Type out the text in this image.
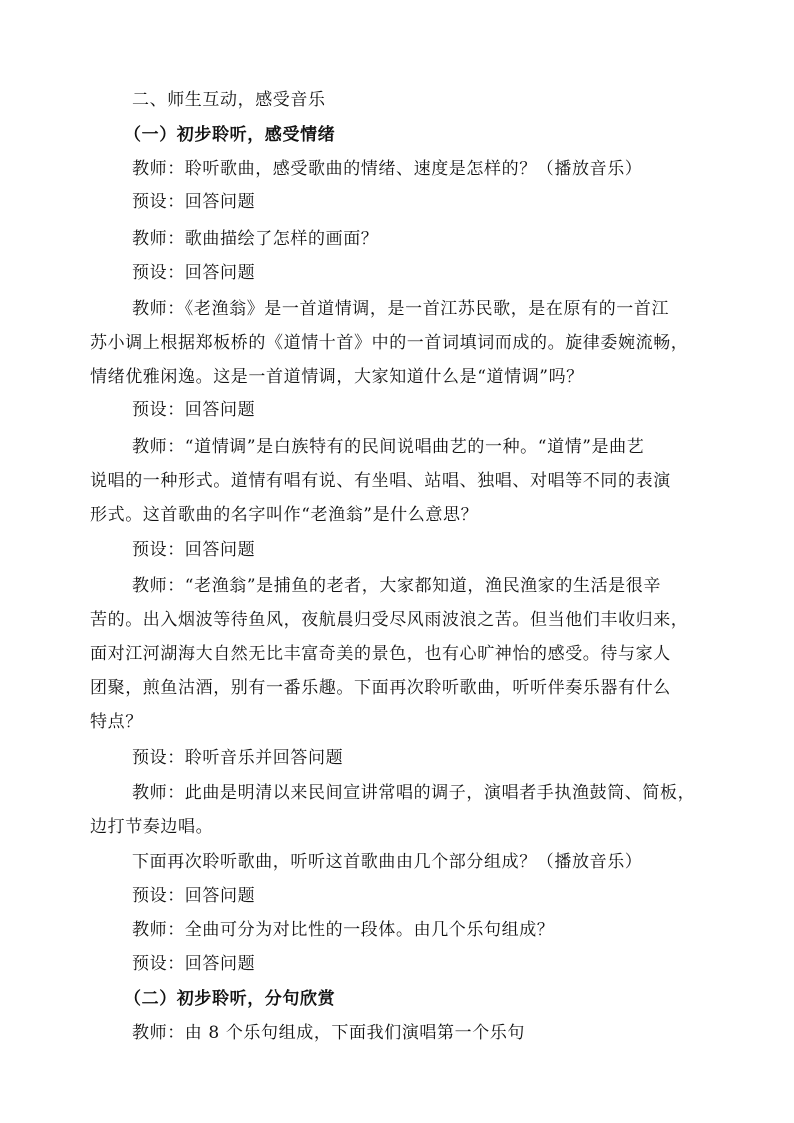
二、师生互动，感受音乐
（一）初步聆听，感受情绪
教师：聆听歌曲，感受歌曲的情绪、速度是怎样的？（播放音乐）
预设：回答问题
教师：歌曲描绘了怎样的画面？
预设：回答问题
教师：《老渔翁》是一首道情调，是一首江苏民歌，是在原有的一首江
苏小调上根据郑板桥的《道情十首》中的一首词填词而成的。旋律委婉流畅，
情绪优雅闲逸。这是一首道情调，大家知道什么是“道情调”吗？
预设：回答问题
教师：“道情调”是白族特有的民间说唱曲艺的一种。“道情”是曲艺
说唱的一种形式。道情有唱有说、有坐唱、站唱、独唱、对唱等不同的表演
形式。这首歌曲的名字叫作“老渔翁”是什么意思？
预设：回答问题
教师：“老渔翁”是捕鱼的老者，大家都知道，渔民渔家的生活是很辛
苦的。出入烟波等待鱼风，夜航晨归受尽风雨波浪之苦。但当他们丰收归来，
面对江河湖海大自然无比丰富奇美的景色，也有心旷神怡的感受。待与家人
团聚，煎鱼沽酒，别有一番乐趣。下面再次聆听歌曲，听听伴奏乐器有什么
特点？
预设：聆听音乐并回答问题
教师：此曲是明清以来民间宣讲常唱的调子，演唱者手执渔鼓筒、简板，
边打节奏边唱。
下面再次聆听歌曲，听听这首歌曲由几个部分组成？（播放音乐）
预设：回答问题
教师：全曲可分为对比性的一段体。由几个乐句组成？
预设：回答问题
（二）初步聆听，分句欣赏
教师：由 8 个乐句组成，下面我们演唱第一个乐句
